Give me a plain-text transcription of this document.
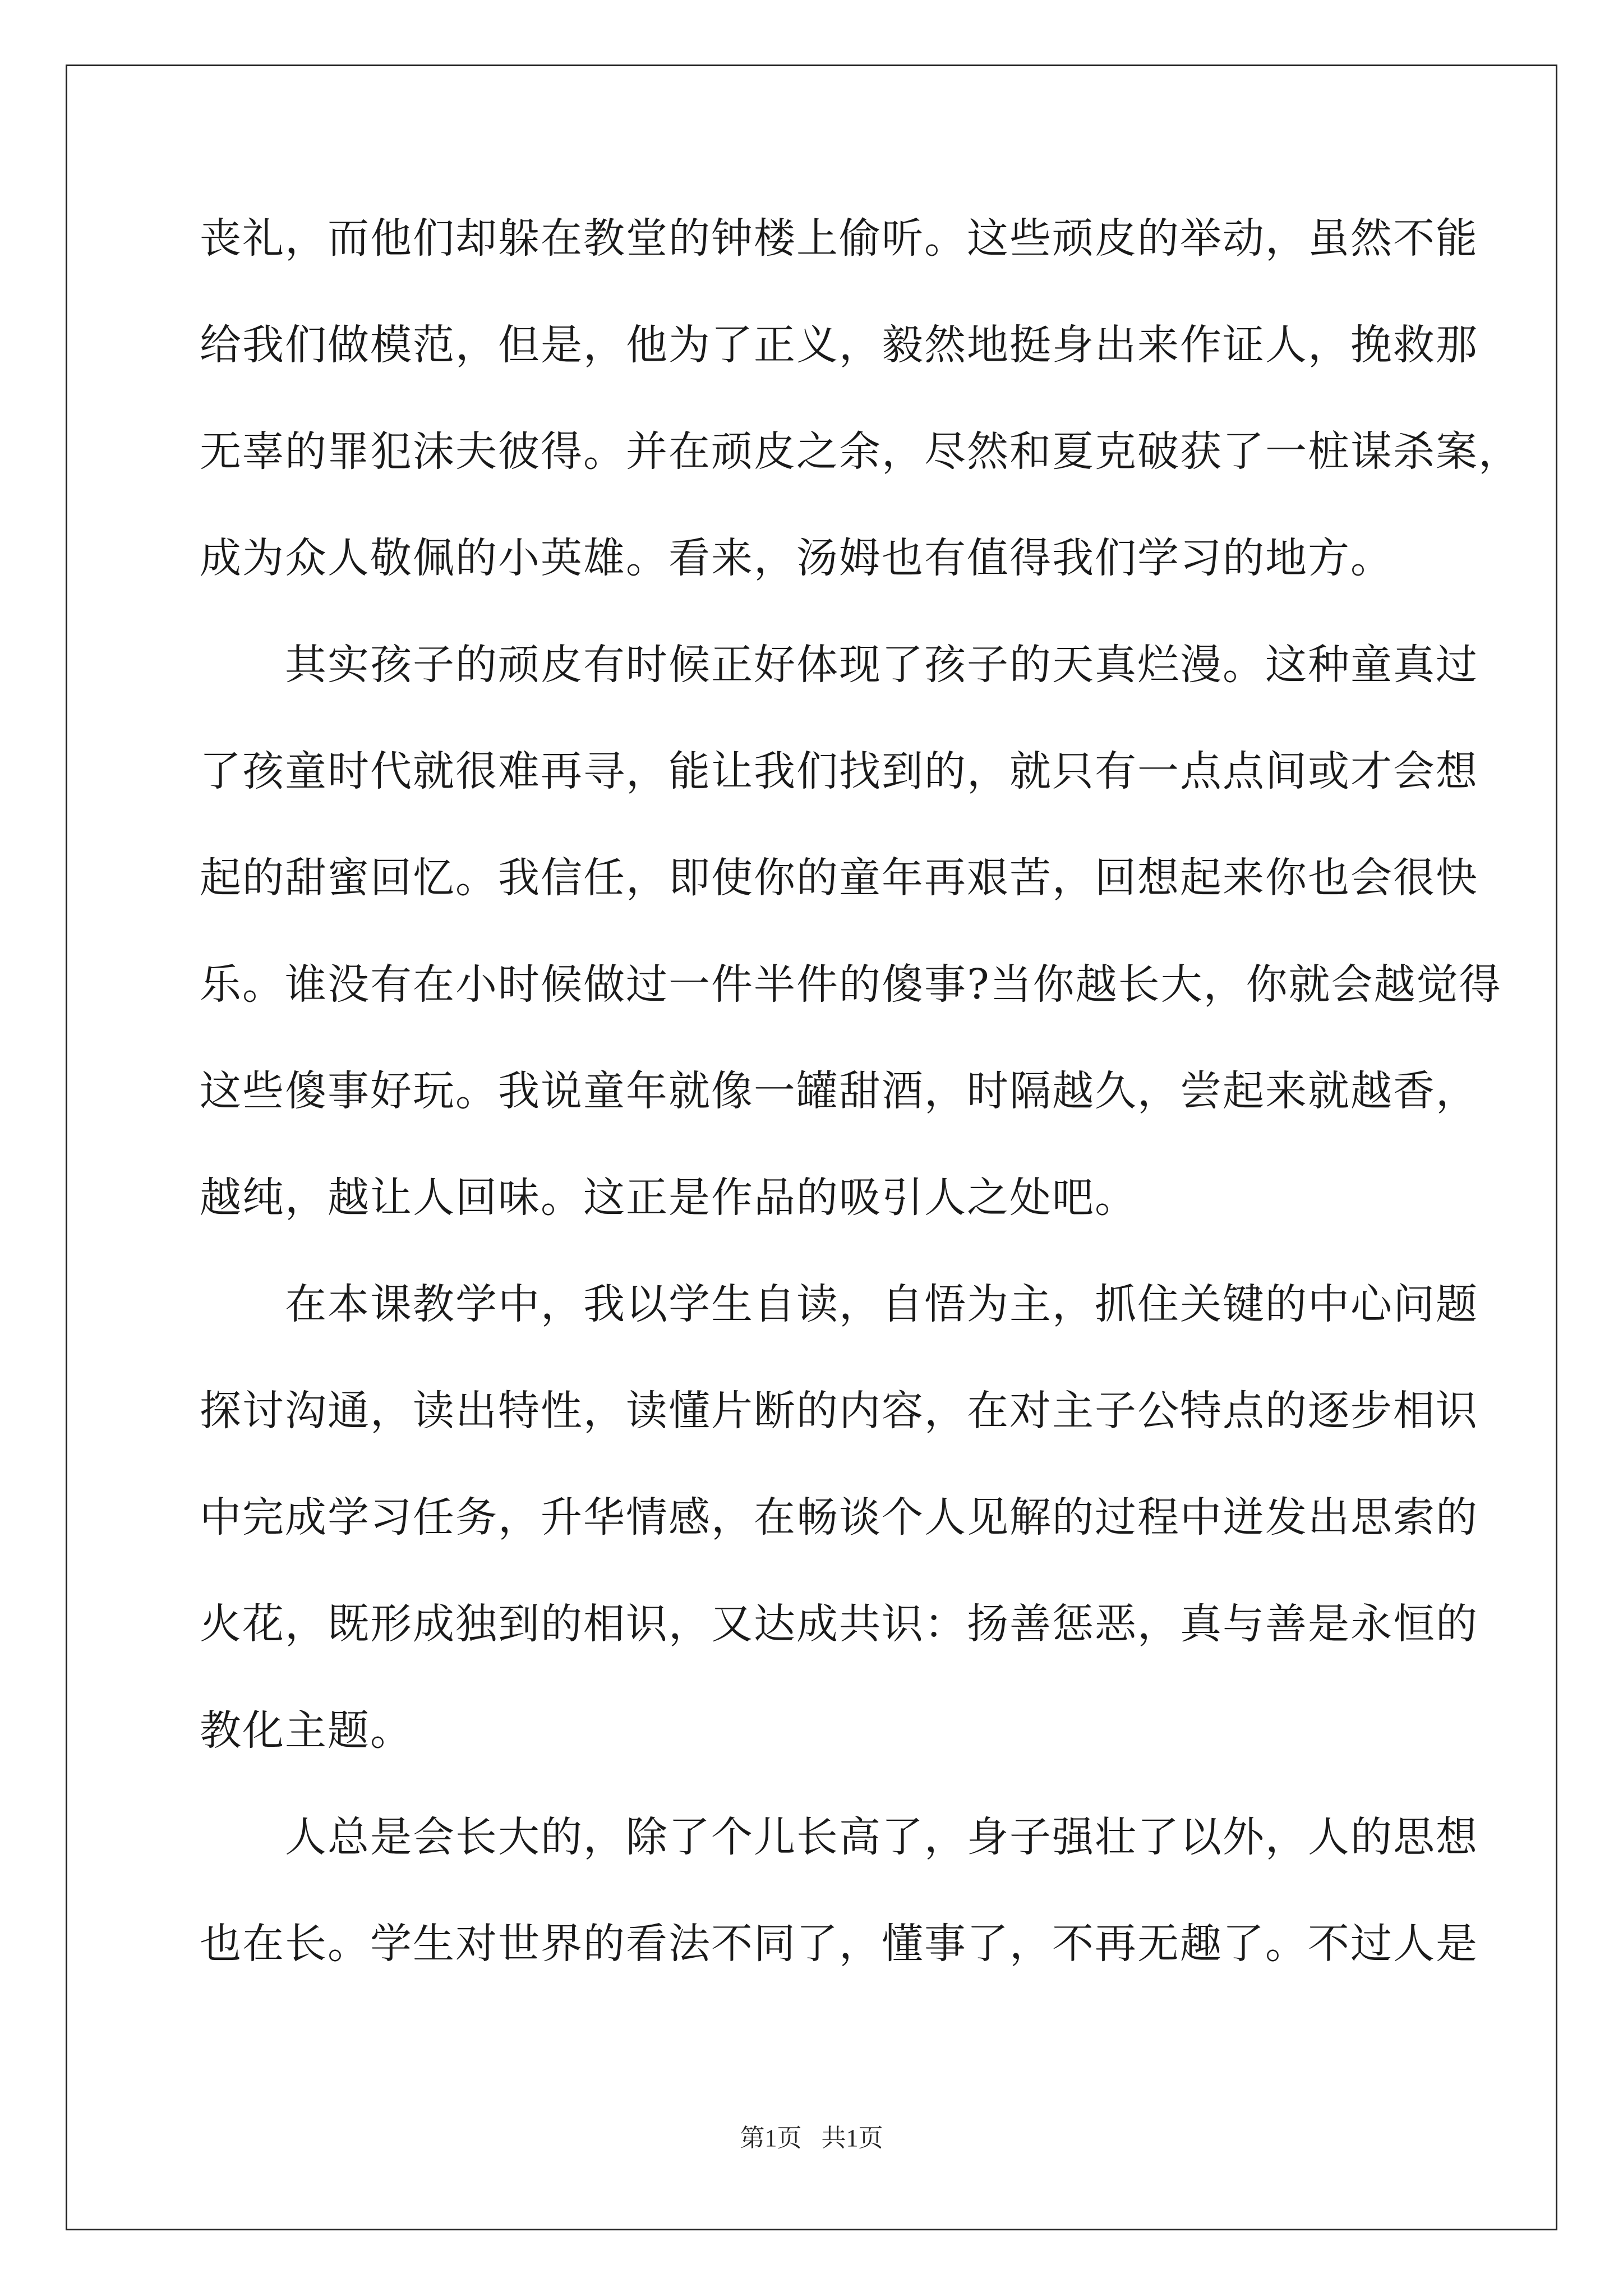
丧礼，而他们却躲在教堂的钟楼上偷听。这些顽皮的举动，虽然不能
给我们做模范，但是，他为了正义，毅然地挺身出来作证人，挽救那
无辜的罪犯沫夫彼得。并在顽皮之余，尽然和夏克破获了一桩谋杀案，
成为众人敬佩的小英雄。看来，汤姆也有值得我们学习的地方。
　　其实孩子的顽皮有时候正好体现了孩子的天真烂漫。这种童真过
了孩童时代就很难再寻，能让我们找到的，就只有一点点间或才会想
起的甜蜜回忆。我信任，即使你的童年再艰苦，回想起来你也会很快
乐。谁没有在小时候做过一件半件的傻事?当你越长大，你就会越觉得
这些傻事好玩。我说童年就像一罐甜酒，时隔越久，尝起来就越香，
越纯，越让人回味。这正是作品的吸引人之处吧。
　　在本课教学中，我以学生自读，自悟为主，抓住关键的中心问题
探讨沟通，读出特性，读懂片断的内容，在对主子公特点的逐步相识
中完成学习任务，升华情感，在畅谈个人见解的过程中迸发出思索的
火花，既形成独到的相识，又达成共识：扬善惩恶，真与善是永恒的
教化主题。
　　人总是会长大的，除了个儿长高了，身子强壮了以外，人的思想
也在长。学生对世界的看法不同了，懂事了，不再无趣了。不过人是
第1页 共1页
